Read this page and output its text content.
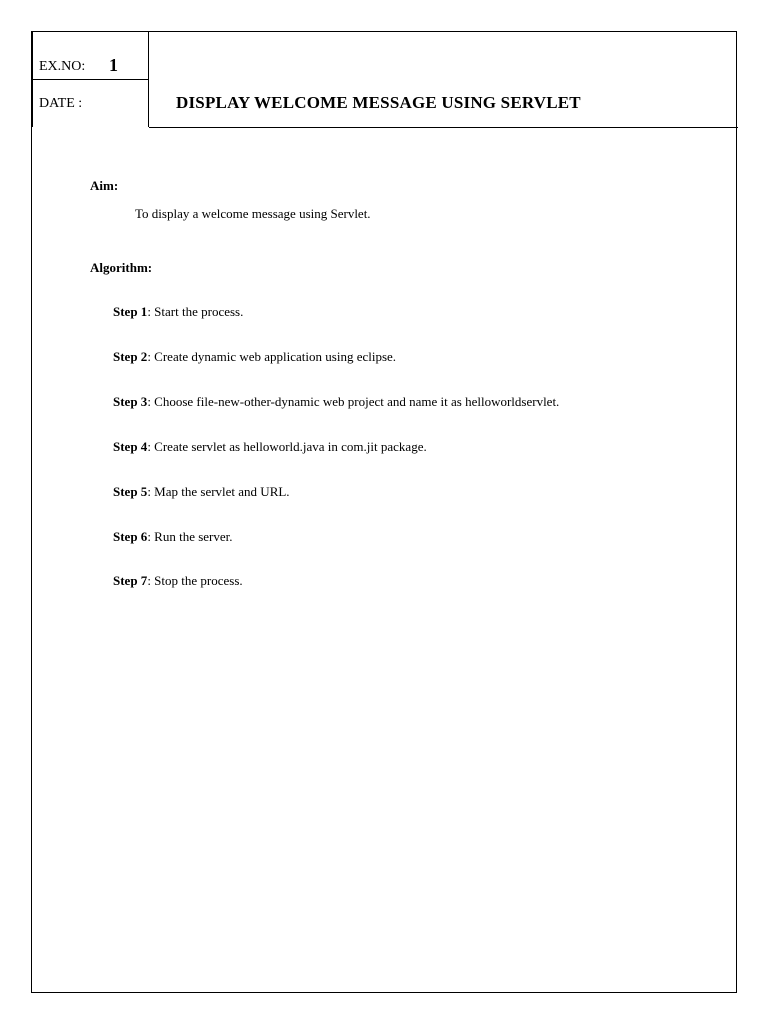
EX.NO: 1
DATE :	DISPLAY WELCOME MESSAGE USING SERVLET
Aim:
To display a welcome message using Servlet.
Algorithm:
Step 1: Start the process.
Step 2: Create dynamic web application using eclipse.
Step 3: Choose file-new-other-dynamic web project and name it as helloworldservlet.
Step 4: Create servlet as helloworld.java in com.jit package.
Step 5: Map the servlet and URL.
Step 6: Run the server.
Step 7: Stop the process.
